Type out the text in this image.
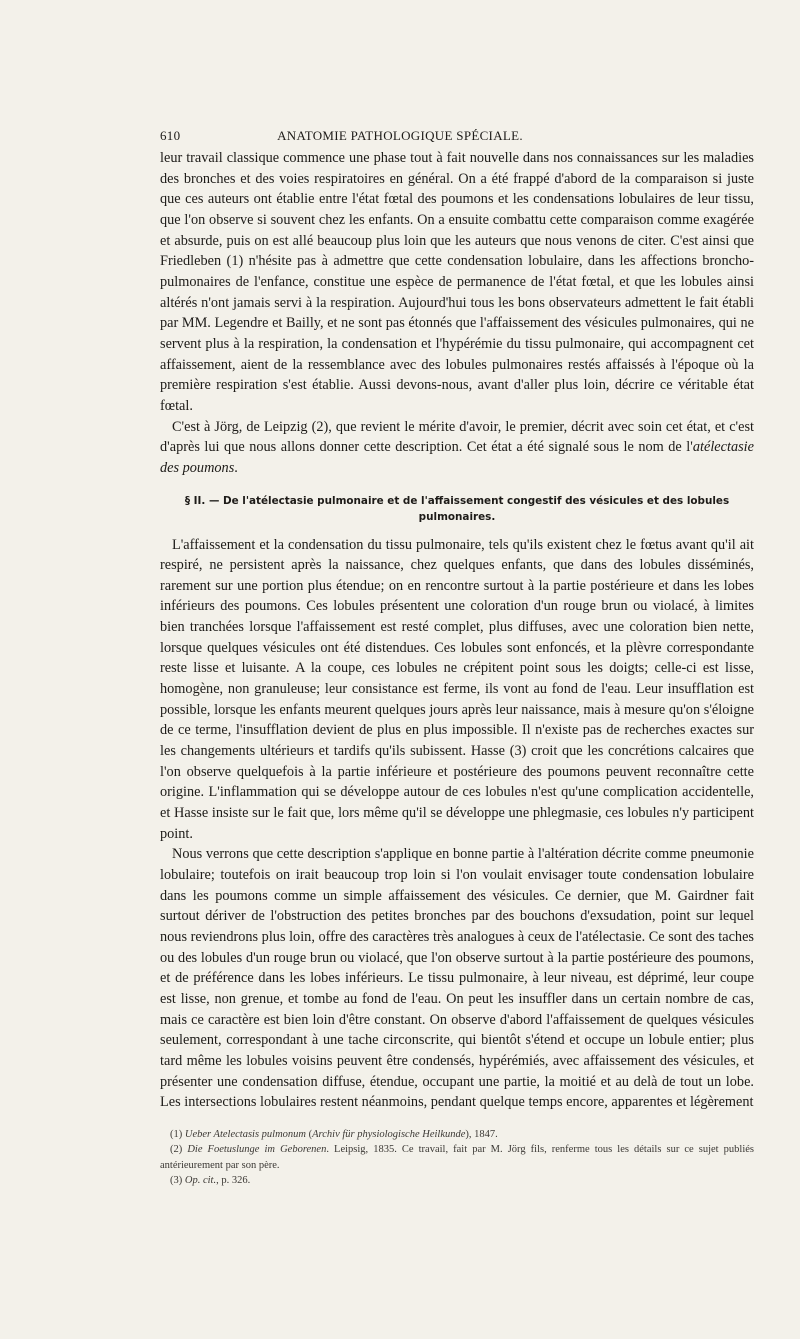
610	ANATOMIE PATHOLOGIQUE SPÉCIALE.

leur travail classique commence une phase tout à fait nouvelle dans nos connaissances sur les maladies des bronches et des voies respiratoires en général. On a été frappé d'abord de la comparaison si juste que ces auteurs ont établie entre l'état fœtal des poumons et les condensations lobulaires de leur tissu, que l'on observe si souvent chez les enfants. On a ensuite combattu cette comparaison comme exagérée et absurde, puis on est allé beaucoup plus loin que les auteurs que nous venons de citer. C'est ainsi que Friedleben (1) n'hésite pas à admettre que cette condensation lobulaire, dans les affections broncho-pulmonaires de l'enfance, constitue une espèce de permanence de l'état fœtal, et que les lobules ainsi altérés n'ont jamais servi à la respiration. Aujourd'hui tous les bons observateurs admettent le fait établi par MM. Legendre et Bailly, et ne sont pas étonnés que l'affaissement des vésicules pulmonaires, qui ne servent plus à la respiration, la condensation et l'hypérémie du tissu pulmonaire, qui accompagnent cet affaissement, aient de la ressemblance avec des lobules pulmonaires restés affaissés à l'époque où la première respiration s'est établie. Aussi devons-nous, avant d'aller plus loin, décrire ce véritable état fœtal.

C'est à Jörg, de Leipzig (2), que revient le mérite d'avoir, le premier, décrit avec soin cet état, et c'est d'après lui que nous allons donner cette description. Cet état a été signalé sous le nom de l'atélectasie des poumons.

§ II. — De l'atélectasie pulmonaire et de l'affaissement congestif des vésicules et des lobules pulmonaires.

L'affaissement et la condensation du tissu pulmonaire, tels qu'ils existent chez le fœtus avant qu'il ait respiré, ne persistent après la naissance, chez quelques enfants, que dans des lobules disséminés, rarement sur une portion plus étendue; on en rencontre surtout à la partie postérieure et dans les lobes inférieurs des poumons. Ces lobules présentent une coloration d'un rouge brun ou violacé, à limites bien tranchées lorsque l'affaissement est resté complet, plus diffuses, avec une coloration bien nette, lorsque quelques vésicules ont été distendues. Ces lobules sont enfoncés, et la plèvre correspondante reste lisse et luisante. A la coupe, ces lobules ne crépitent point sous les doigts; celle-ci est lisse, homogène, non granuleuse; leur consistance est ferme, ils vont au fond de l'eau. Leur insufflation est possible, lorsque les enfants meurent quelques jours après leur naissance, mais à mesure qu'on s'éloigne de ce terme, l'insufflation devient de plus en plus impossible. Il n'existe pas de recherches exactes sur les changements ultérieurs et tardifs qu'ils subissent. Hasse (3) croit que les concrétions calcaires que l'on observe quelquefois à la partie inférieure et postérieure des poumons peuvent reconnaître cette origine. L'inflammation qui se développe autour de ces lobules n'est qu'une complication accidentelle, et Hasse insiste sur le fait que, lors même qu'il se développe une phlegmasie, ces lobules n'y participent point.

Nous verrons que cette description s'applique en bonne partie à l'altération décrite comme pneumonie lobulaire; toutefois on irait beaucoup trop loin si l'on voulait envisager toute condensation lobulaire dans les poumons comme un simple affaissement des vésicules. Ce dernier, que M. Gairdner fait surtout dériver de l'obstruction des petites bronches par des bouchons d'exsudation, point sur lequel nous reviendrons plus loin, offre des caractères très analogues à ceux de l'atélectasie. Ce sont des taches ou des lobules d'un rouge brun ou violacé, que l'on observe surtout à la partie postérieure des poumons, et de préférence dans les lobes inférieurs. Le tissu pulmonaire, à leur niveau, est déprimé, leur coupe est lisse, non grenue, et tombe au fond de l'eau. On peut les insuffler dans un certain nombre de cas, mais ce caractère est bien loin d'être constant. On observe d'abord l'affaissement de quelques vésicules seulement, correspondant à une tache circonscrite, qui bientôt s'étend et occupe un lobule entier; plus tard même les lobules voisins peuvent être condensés, hypérémiés, avec affaissement des vésicules, et présenter une condensation diffuse, étendue, occupant une partie, la moitié et au delà de tout un lobe. Les intersections lobulaires restent néanmoins, pendant quelque temps encore, apparentes et légèrement

(1) Ueber Atelectasis pulmonum (Archiv für physiologische Heilkunde), 1847.

(2) Die Foetuslunge im Geborenen. Leipsig, 1835. Ce travail, fait par M. Jörg fils, renferme tous les détails sur ce sujet publiés antérieurement par son père.

(3) Op. cit., p. 326.
